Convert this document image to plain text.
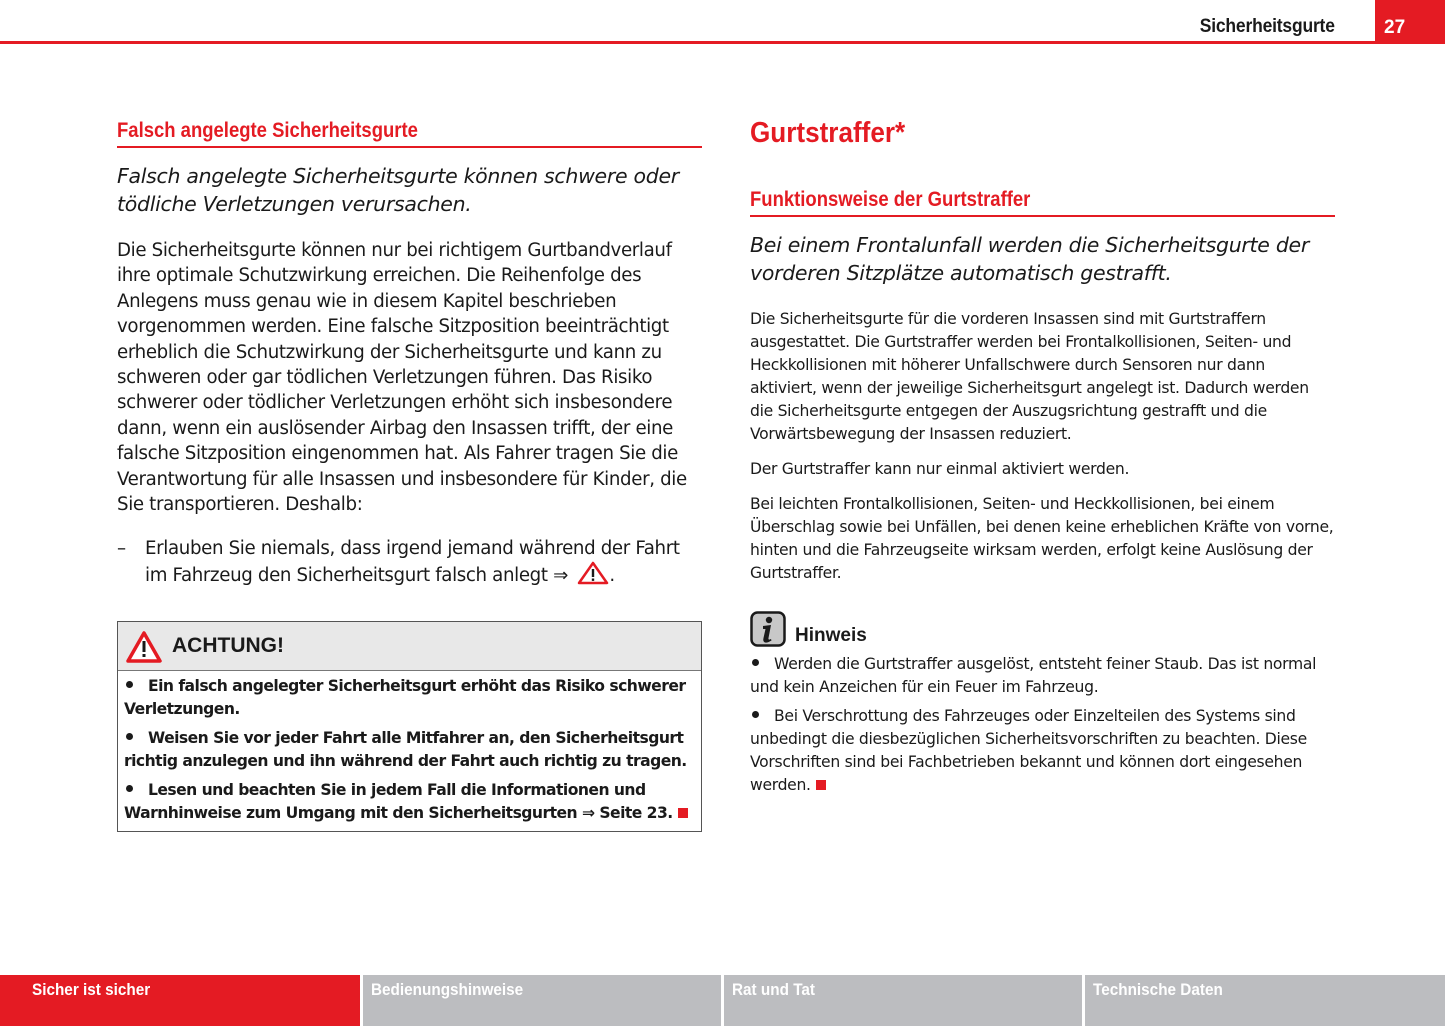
Sicherheitsgurte	27
Falsch angelegte Sicherheitsgurte
Falsch angelegte Sicherheitsgurte können schwere oder tödliche Verletzungen verursachen.
Die Sicherheitsgurte können nur bei richtigem Gurtbandverlauf ihre optimale Schutzwirkung erreichen. Die Reihenfolge des Anlegens muss genau wie in diesem Kapitel beschrieben vorgenommen werden. Eine falsche Sitzposition beeinträchtigt erheblich die Schutzwirkung der Sicherheitsgurte und kann zu schweren oder gar tödlichen Verletzungen führen. Das Risiko schwerer oder tödlicher Verletzungen erhöht sich insbesondere dann, wenn ein auslösender Airbag den Insassen trifft, der eine falsche Sitzposition eingenommen hat. Als Fahrer tragen Sie die Verantwortung für alle Insassen und insbesondere für Kinder, die Sie transportieren. Deshalb:
– Erlauben Sie niemals, dass irgend jemand während der Fahrt im Fahrzeug den Sicherheitsgurt falsch anlegt ⇒ .
ACHTUNG!
Ein falsch angelegter Sicherheitsgurt erhöht das Risiko schwerer Verletzungen.
Weisen Sie vor jeder Fahrt alle Mitfahrer an, den Sicherheitsgurt richtig anzulegen und ihn während der Fahrt auch richtig zu tragen.
Lesen und beachten Sie in jedem Fall die Informationen und Warnhinweise zum Umgang mit den Sicherheitsgurten ⇒ Seite 23.
Gurtstraffer*
Funktionsweise der Gurtstraffer
Bei einem Frontalunfall werden die Sicherheitsgurte der vorderen Sitzplätze automatisch gestrafft.
Die Sicherheitsgurte für die vorderen Insassen sind mit Gurtstraffern ausgestattet. Die Gurtstraffer werden bei Frontalkollisionen, Seiten- und Heckkollisionen mit höherer Unfallschwere durch Sensoren nur dann aktiviert, wenn der jeweilige Sicherheitsgurt angelegt ist. Dadurch werden die Sicherheitsgurte entgegen der Auszugsrichtung gestrafft und die Vorwärtsbewegung der Insassen reduziert.
Der Gurtstraffer kann nur einmal aktiviert werden.
Bei leichten Frontalkollisionen, Seiten- und Heckkollisionen, bei einem Überschlag sowie bei Unfällen, bei denen keine erheblichen Kräfte von vorne, hinten und die Fahrzeugseite wirksam werden, erfolgt keine Auslösung der Gurtstraffer.
Hinweis
Werden die Gurtstraffer ausgelöst, entsteht feiner Staub. Das ist normal und kein Anzeichen für ein Feuer im Fahrzeug.
Bei Verschrottung des Fahrzeuges oder Einzelteilen des Systems sind unbedingt die diesbezüglichen Sicherheitsvorschriften zu beachten. Diese Vorschriften sind bei Fachbetrieben bekannt und können dort eingesehen werden.
Sicher ist sicher	Bedienungshinweise	Rat und Tat	Technische Daten
